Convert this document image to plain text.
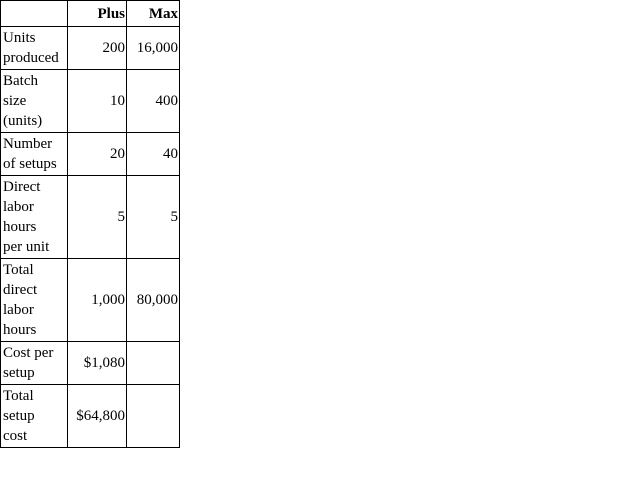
	Plus	Max

Units
produced	200	16,000

Batch
size
(units)	10	400

Number
of setups	20	40

Direct
labor
hours
per unit	5	5

Total
direct
labor
hours	1,000	80,000

Cost per
setup	$1,080	

Total
setup
cost	$64,800	
